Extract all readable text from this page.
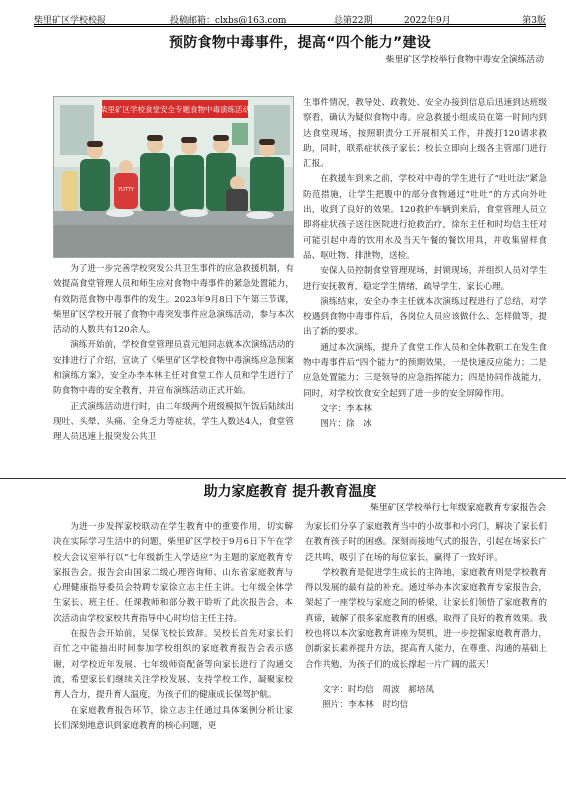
柴里矿区学校校报	投稿邮箱：clxbs@163.com	总第22期	2022年9月	第3版
预防食物中毒事件，提高“四个能力”建设
柴里矿区学校举行食物中毒安全演练活动
柴里矿区学校食堂安全专题食物中毒演练活动
YUTTY

为了进一步完善学校突发公共卫生事件的应急救援机制，有效提高食堂管理人员和师生应对食物中毒事件的紧急处置能力，有效防范食物中毒事件的发生。2023年9月8日下午第三节课，柴里矿区学校开展了食物中毒突发事件应急演练活动，参与本次活动的人数共有120余人。

演练开始前，学校食堂管理员袁元旭同志就本次演练活动的安排进行了介绍，宣读了《柴里矿区学校食物中毒演练应急预案和演练方案》，安全办李本林主任对食堂工作人员和学生进行了防食物中毒的安全教育，并宣布演练活动正式开始。

正式演练活动进行时，由二年级两个班级模拟午饭后陆续出现吐、头晕、头痛、全身乏力等症状，学生人数达4人，食堂管理人员迅速上报突发公共卫

生事件情况，教导处、政教处、安全办接到信息后迅速到达班级察看，确认为疑似食物中毒。应急救援小组成员在第一时间内到达食堂现场，按照职责分工开展相关工作，并拨打120请求救助，同时，联系症状孩子家长；校长立即向上级各主管部门进行汇报。

在救援车到来之前，学校对中毒的学生进行了“吐吐法”紧急防范措施，让学生把腹中的部分食物通过“吐吐”的方式向外吐出，收到了良好的效果。120救护车辆到来后，食堂管理人员立即将症状孩子送往医院进行抢救治疗，徐东主任和时均信主任对可能引起中毒的饮用水及当天午餐的餐饮用具，并收集留样食品、呕吐物、排泄物，送检。

安保人员控制食堂管理现场，封锁现场，并组织人员对学生进行安抚教育，稳定学生情绪，疏导学生、家长心理。

演练结束，安全办李主任就本次演练过程进行了总结，对学校遇到食物中毒事件后，各岗位人员应该做什么、怎样做等，提出了新的要求。

通过本次演练，提升了食堂工作人员和全体教职工在发生食物中毒事件后“四个能力”的预期效果，一是快速反应能力；二是应急处置能力；三是领导的应急指挥能力；四是协同作战能力，同时，对学校饮食安全起到了进一步的安全屏障作用。

文字：李本林
图片：徐　冰
助力家庭教育 提升教育温度
柴里矿区学校举行七年级家庭教育专家报告会

为进一步发挥家校联动在学生教育中的重要作用，切实解决在实际学习生活中的问题，柴里矿区学校于9月6日下午在学校大会议室举行以“七年级新生入学适应”为主题的家庭教育专家报告会。报告会由国家二级心理咨询师、山东省家庭教育与心理健康指导委员会特聘专家徐立志主任主讲。七年级全体学生家长、班主任、任课教师和部分教干聆听了此次报告会，本次活动由学校家校共育指导中心时均信主任主持。

在报告会开始前，吴保飞校长致辞。吴校长首先对家长们百忙之中能抽出时间参加学校组织的家庭教育报告会表示感谢，对学校近年发展、七年级师资配备等向家长进行了沟通交流，希望家长们继续关注学校发展、支持学校工作，凝聚家校育人合力，提升育人温度，为孩子们的健康成长保驾护航。

在家庭教育报告环节，徐立志主任通过具体案例分析让家长们深刻地意识到家庭教育的核心问题，更

为家长们分享了家庭教育当中的小故事和小窍门，解决了家长们在教育孩子时的困惑。深刻而接地气式的报告，引起在场家长广泛共鸣，吸引了在场的每位家长，赢得了一致好评。

学校教育是促进学生成长的主阵地，家庭教育则是学校教育得以发展的最有益的补充。通过举办本次家庭教育专家报告会，架起了一座学校与家庭之间的桥梁，让家长们领悟了家庭教育的真谛，破解了很多家庭教育的困惑，取得了良好的教育效果。我校也将以本次家庭教育讲座为契机，进一步挖掘家庭教育潜力，创新家长素养提升方法，提高育人能力，在尊重、沟通的基础上合作共勉，为孩子们的成长撑起一片广阔的蓝天！

文字：时均信　周波　郝培凤
照片：李本林　时均信
